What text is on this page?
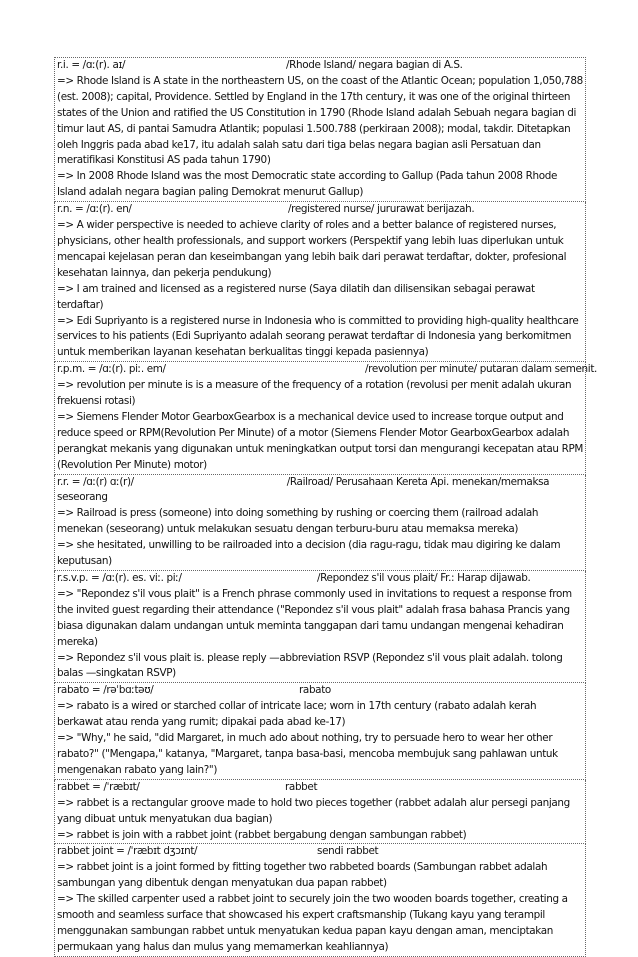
r.i. = /ɑː(r). aɪ/	/Rhode Island/ negara bagian di A.S.

=> Rhode Island is A state in the northeastern US, on the coast of the Atlantic Ocean; population 1,050,788 (est. 2008); capital, Providence. Settled by England in the 17th century, it was one of the original thirteen states of the Union and ratified the US Constitution in 1790 (Rhode Island adalah Sebuah negara bagian di timur laut AS, di pantai Samudra Atlantik; populasi 1.500.788 (perkiraan 2008); modal, takdir. Ditetapkan oleh Inggris pada abad ke17, itu adalah salah satu dari tiga belas negara bagian asli Persatuan dan meratifikasi Konstitusi AS pada tahun 1790)

=> In 2008 Rhode Island was the most Democratic state according to Gallup (Pada tahun 2008 Rhode Island adalah negara bagian paling Demokrat menurut Gallup)

r.n. = /ɑː(r). en/	/registered nurse/ jururawat berijazah.

=> A wider perspective is needed to achieve clarity of roles and a better balance of registered nurses, physicians, other health professionals, and support workers (Perspektif yang lebih luas diperlukan untuk mencapai kejelasan peran dan keseimbangan yang lebih baik dari perawat terdaftar, dokter, profesional kesehatan lainnya, dan pekerja pendukung)

=> I am trained and licensed as a registered nurse (Saya dilatih dan dilisensikan sebagai perawat terdaftar)

=> Edi Supriyanto is a registered nurse in Indonesia who is committed to providing high-quality healthcare services to his patients (Edi Supriyanto adalah seorang perawat terdaftar di Indonesia yang berkomitmen untuk memberikan layanan kesehatan berkualitas tinggi kepada pasiennya)

r.p.m. = /ɑː(r). piː. em/	/revolution per minute/ putaran dalam semenit.

=> revolution per minute is is a measure of the frequency of a rotation (revolusi per menit adalah ukuran frekuensi rotasi)

=> Siemens Flender Motor GearboxGearbox is a mechanical device used to increase torque output and reduce speed or RPM(Revolution Per Minute) of a motor (Siemens Flender Motor GearboxGearbox adalah perangkat mekanis yang digunakan untuk meningkatkan output torsi dan mengurangi kecepatan atau RPM (Revolution Per Minute) motor)

r.r. = /ɑː(r) ɑː(r)/	/Railroad/ Perusahaan Kereta Api. menekan/memaksa seseorang

=> Railroad is press (someone) into doing something by rushing or coercing them (railroad adalah menekan (seseorang) untuk melakukan sesuatu dengan terburu-buru atau memaksa mereka)

=> she hesitated, unwilling to be railroaded into a decision (dia ragu-ragu, tidak mau digiring ke dalam keputusan)

r.s.v.p. = /ɑː(r). es. viː. piː/	/Repondez s'il vous plait/ Fr.: Harap dijawab.

=> "Repondez s'il vous plait" is a French phrase commonly used in invitations to request a response from the invited guest regarding their attendance ("Repondez s'il vous plait" adalah frasa bahasa Prancis yang biasa digunakan dalam undangan untuk meminta tanggapan dari tamu undangan mengenai kehadiran mereka)

=> Repondez s'il vous plait is. please reply —abbreviation RSVP (Repondez s'il vous plait adalah. tolong balas —singkatan RSVP)

rabato = /rəˈbɑːtəʊ/	rabato

=> rabato is a wired or starched collar of intricate lace; worn in 17th century (rabato adalah kerah berkawat atau renda yang rumit; dipakai pada abad ke-17)

=> "Why," he said, "did Margaret, in much ado about nothing, try to persuade hero to wear her other rabato?" ("Mengapa," katanya, "Margaret, tanpa basa-basi, mencoba membujuk sang pahlawan untuk mengenakan rabato yang lain?")

rabbet = /ˈræbɪt/	rabbet

=> rabbet is a rectangular groove made to hold two pieces together (rabbet adalah alur persegi panjang yang dibuat untuk menyatukan dua bagian)

=> rabbet is join with a rabbet joint (rabbet bergabung dengan sambungan rabbet)

rabbet joint = /ˈræbɪt dʒɔɪnt/	sendi rabbet

=> rabbet joint is a joint formed by fitting together two rabbeted boards (Sambungan rabbet adalah sambungan yang dibentuk dengan menyatukan dua papan rabbet)

=> The skilled carpenter used a rabbet joint to securely join the two wooden boards together, creating a smooth and seamless surface that showcased his expert craftsmanship (Tukang kayu yang terampil menggunakan sambungan rabbet untuk menyatukan kedua papan kayu dengan aman, menciptakan permukaan yang halus dan mulus yang memamerkan keahliannya)
